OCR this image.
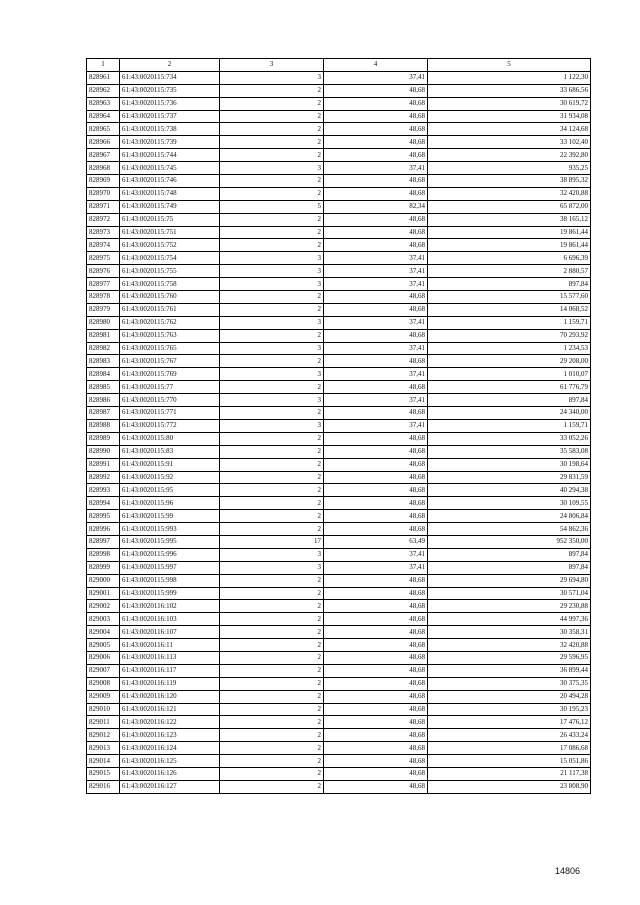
1	2	3	4	5
828961	61:43:0020115:734	3	37,41	1 122,30
828962	61:43:0020115:735	2	48,68	33 686,56
828963	61:43:0020115:736	2	48,68	30 619,72
828964	61:43:0020115:737	2	48,68	31 934,08
828965	61:43:0020115:738	2	48,68	34 124,68
828966	61:43:0020115:739	2	48,68	33 102,40
828967	61:43:0020115:744	2	48,68	22 392,80
828968	61:43:0020115:745	3	37,41	935,25
828969	61:43:0020115:746	2	48,68	38 895,32
828970	61:43:0020115:748	2	48,68	32 420,88
828971	61:43:0020115:749	5	82,34	65 872,00
828972	61:43:0020115:75	2	48,68	38 165,12
828973	61:43:0020115:751	2	48,68	19 861,44
828974	61:43:0020115:752	2	48,68	19 861,44
828975	61:43:0020115:754	3	37,41	6 696,39
828976	61:43:0020115:755	3	37,41	2 880,57
828977	61:43:0020115:758	3	37,41	897,84
828978	61:43:0020115:760	2	48,68	15 577,60
828979	61:43:0020115:761	2	48,68	14 068,52
828980	61:43:0020115:762	3	37,41	1 159,71
828981	61:43:0020115:763	2	48,68	70 293,92
828982	61:43:0020115:765	3	37,41	1 234,53
828983	61:43:0020115:767	2	48,68	29 208,00
828984	61:43:0020115:769	3	37,41	1 010,07
828985	61:43:0020115:77	2	48,68	61 776,79
828986	61:43:0020115:770	3	37,41	897,84
828987	61:43:0020115:771	2	48,68	24 340,00
828988	61:43:0020115:772	3	37,41	1 159,71
828989	61:43:0020115:80	2	48,68	33 052,26
828990	61:43:0020115:83	2	48,68	35 583,08
828991	61:43:0020115:91	2	48,68	30 198,64
828992	61:43:0020115:92	2	48,68	29 831,59
828993	61:43:0020115:95	2	48,68	40 294,38
828994	61:43:0020115:96	2	48,68	30 109,55
828995	61:43:0020115:99	2	48,68	24 806,84
828996	61:43:0020115:993	2	48,68	54 862,36
828997	61:43:0020115:995	17	63,49	952 350,00
828998	61:43:0020115:996	3	37,41	897,84
828999	61:43:0020115:997	3	37,41	897,84
829000	61:43:0020115:998	2	48,68	29 694,80
829001	61:43:0020115:999	2	48,68	30 571,04
829002	61:43:0020116:102	2	48,68	29 230,88
829003	61:43:0020116:103	2	48,68	44 997,36
829004	61:43:0020116:107	2	48,68	30 358,31
829005	61:43:0020116:11	2	48,68	32 420,88
829006	61:43:0020116:113	2	48,68	29 596,95
829007	61:43:0020116:117	2	48,68	36 899,44
829008	61:43:0020116:119	2	48,68	30 375,35
829009	61:43:0020116:120	2	48,68	20 494,28
829010	61:43:0020116:121	2	48,68	30 195,23
829011	61:43:0020116:122	2	48,68	17 476,12
829012	61:43:0020116:123	2	48,68	26 433,24
829013	61:43:0020116:124	2	48,68	17 086,68
829014	61:43:0020116:125	2	48,68	15 051,86
829015	61:43:0020116:126	2	48,68	21 117,38
829016	61:43:0020116:127	2	48,68	23 808,90
14806
